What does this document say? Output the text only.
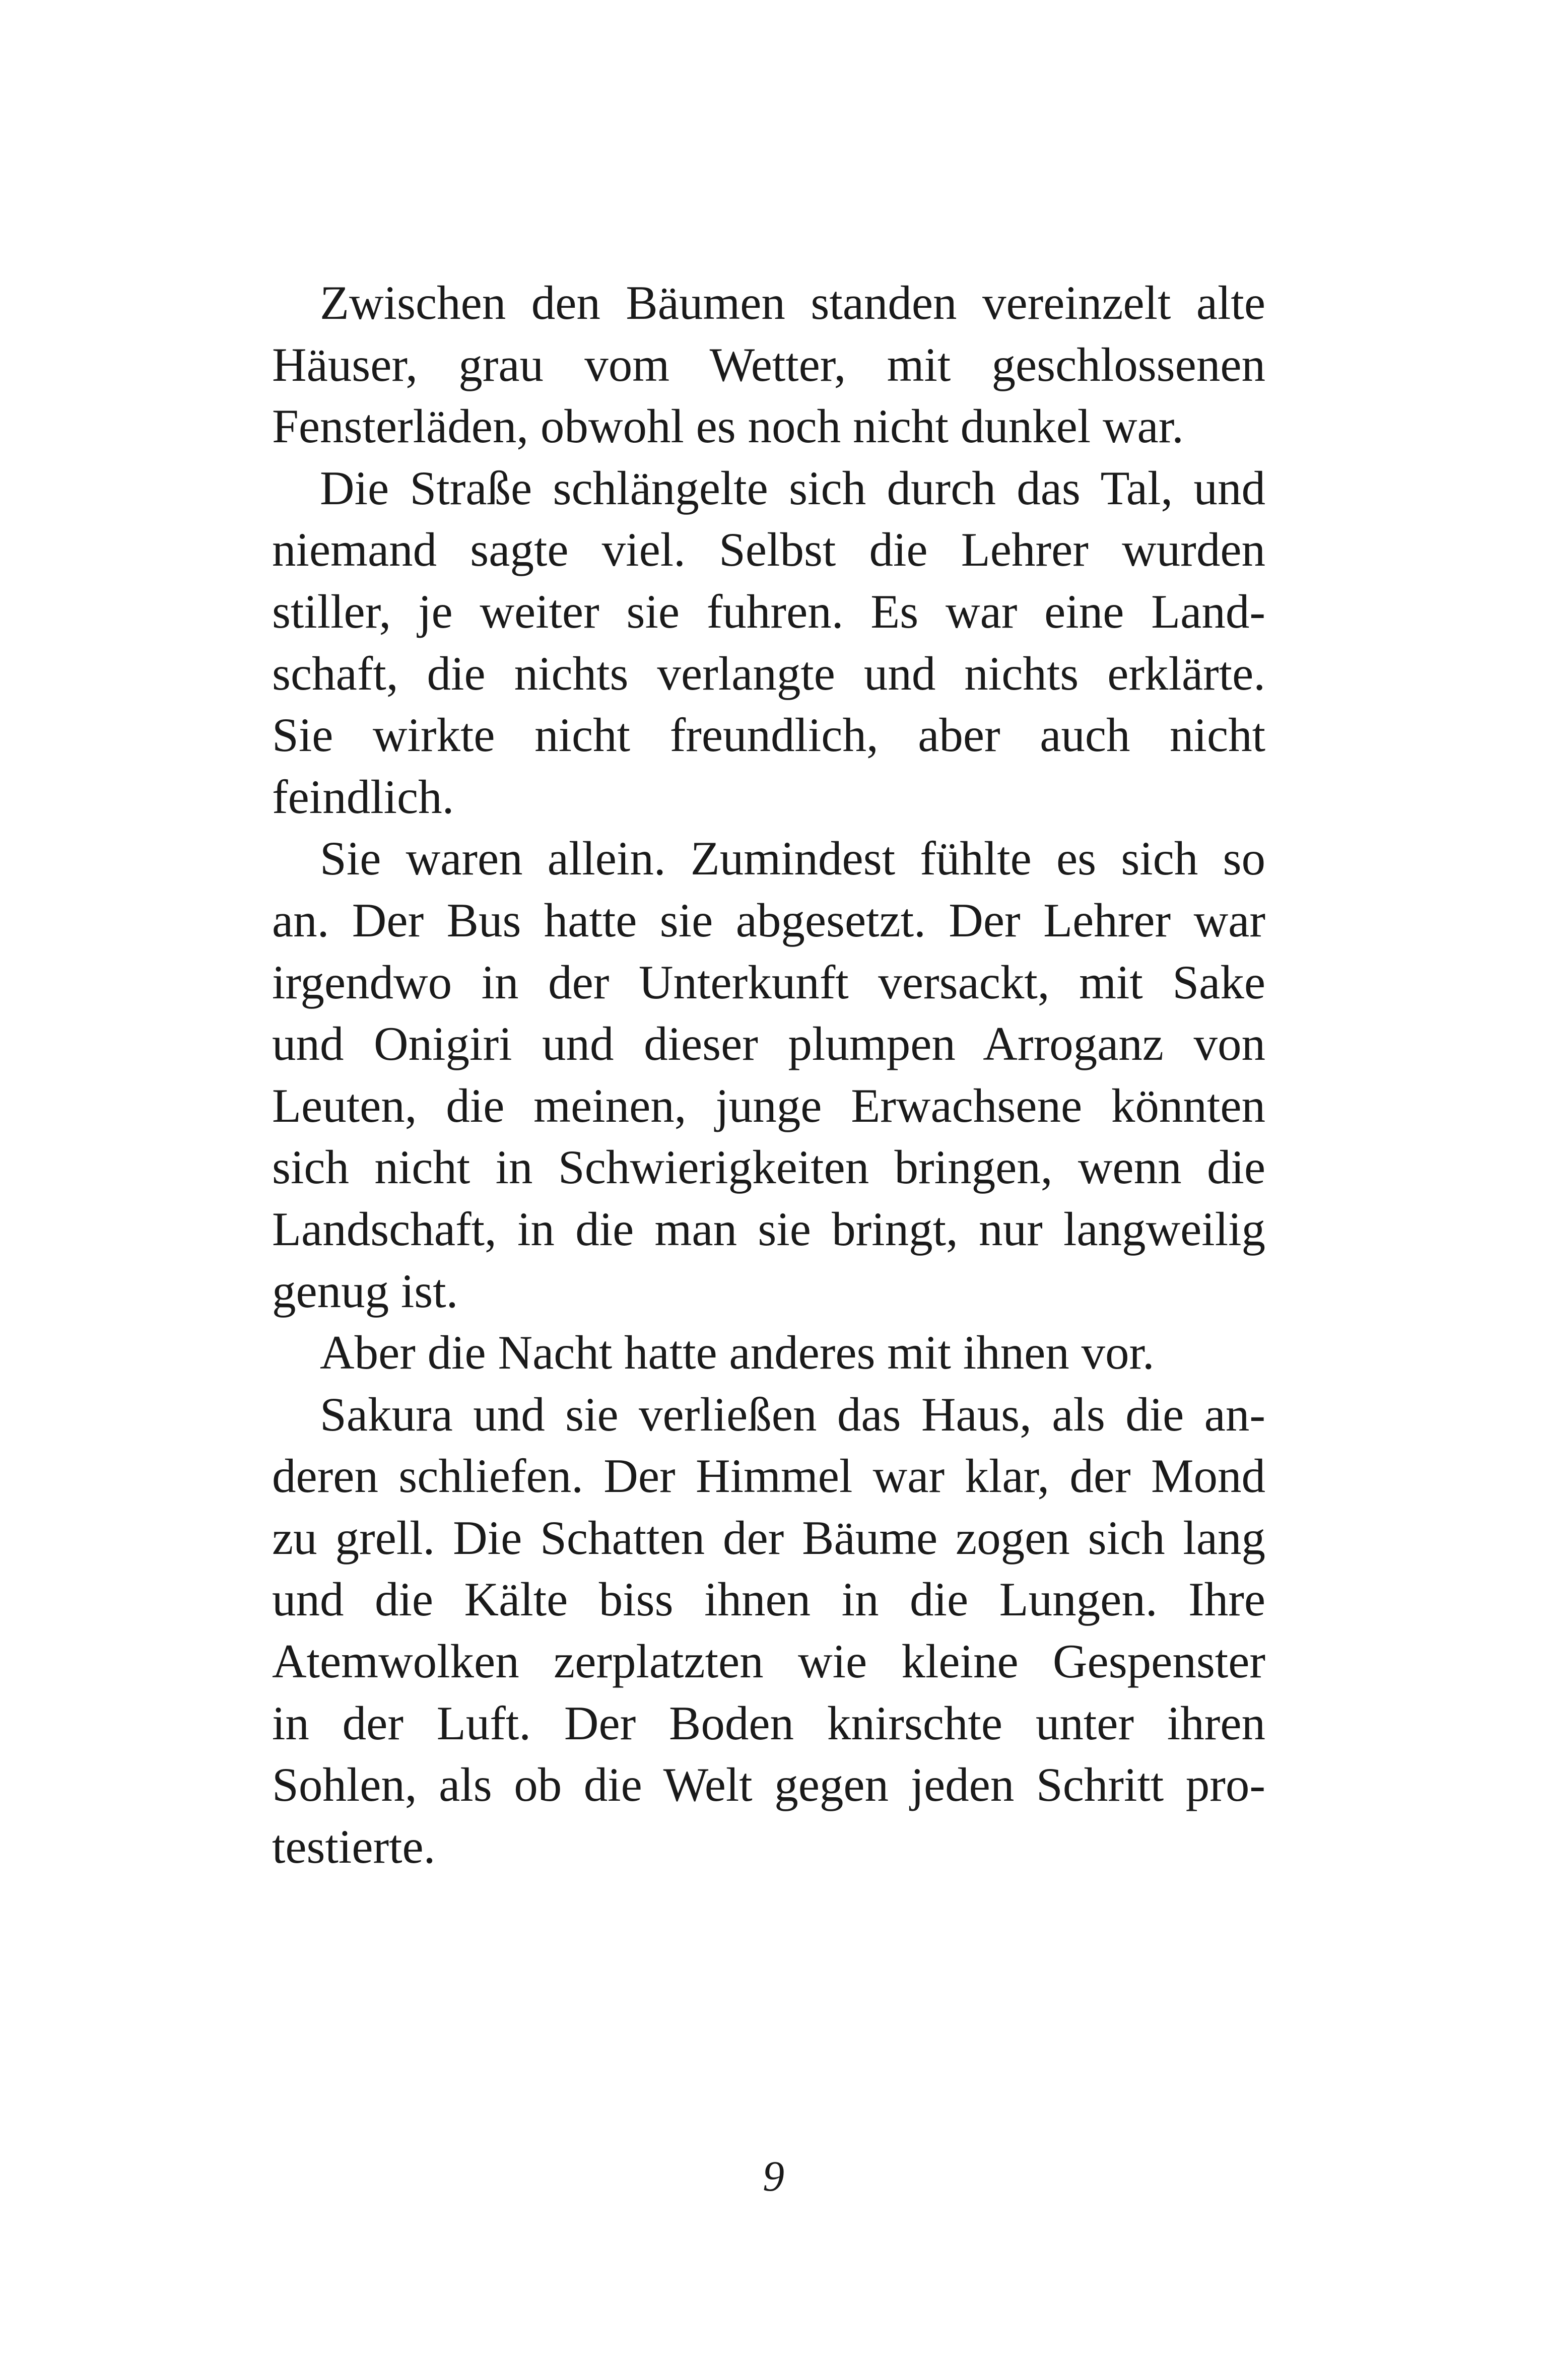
Zwischen den Bäumen standen vereinzelt alte
Häuser, grau vom Wetter, mit geschlossenen
Fensterläden, obwohl es noch nicht dunkel war.
Die Straße schlängelte sich durch das Tal, und
niemand sagte viel. Selbst die Lehrer wurden
stiller, je weiter sie fuhren. Es war eine Land-
schaft, die nichts verlangte und nichts erklärte.
Sie wirkte nicht freundlich, aber auch nicht
feindlich.
Sie waren allein. Zumindest fühlte es sich so
an. Der Bus hatte sie abgesetzt. Der Lehrer war
irgendwo in der Unterkunft versackt, mit Sake
und Onigiri und dieser plumpen Arroganz von
Leuten, die meinen, junge Erwachsene könnten
sich nicht in Schwierigkeiten bringen, wenn die
Landschaft, in die man sie bringt, nur langweilig
genug ist.
Aber die Nacht hatte anderes mit ihnen vor.
Sakura und sie verließen das Haus, als die an-
deren schliefen. Der Himmel war klar, der Mond
zu grell. Die Schatten der Bäume zogen sich lang
und die Kälte biss ihnen in die Lungen. Ihre
Atemwolken zerplatzten wie kleine Gespenster
in der Luft. Der Boden knirschte unter ihren
Sohlen, als ob die Welt gegen jeden Schritt pro-
testierte.
9
